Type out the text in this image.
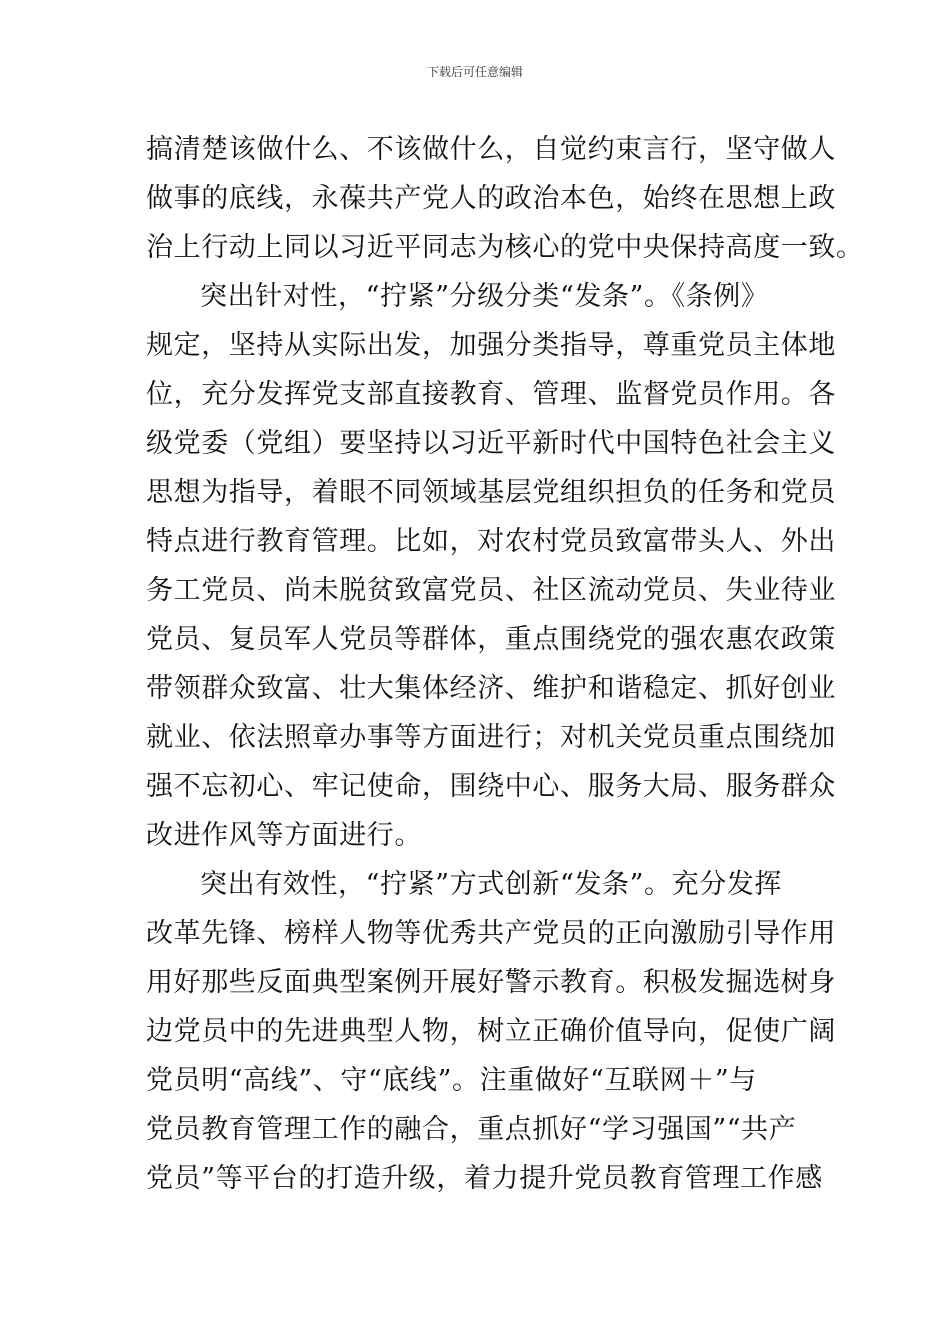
下载后可任意编辑
搞清楚该做什么、不该做什么，自觉约束言行，坚守做人
做事的底线，永葆共产党人的政治本色，始终在思想上政
治上行动上同以习近平同志为核心的党中央保持高度一致。
突出针对性，“拧紧”分级分类“发条”。《条例》
规定，坚持从实际出发，加强分类指导，尊重党员主体地
位，充分发挥党支部直接教育、管理、监督党员作用。各
级党委（党组）要坚持以习近平新时代中国特色社会主义
思想为指导，着眼不同领域基层党组织担负的任务和党员
特点进行教育管理。比如，对农村党员致富带头人、外出
务工党员、尚未脱贫致富党员、社区流动党员、失业待业
党员、复员军人党员等群体，重点围绕党的强农惠农政策
带领群众致富、壮大集体经济、维护和谐稳定、抓好创业
就业、依法照章办事等方面进行；对机关党员重点围绕加
强不忘初心、牢记使命，围绕中心、服务大局、服务群众
改进作风等方面进行。
突出有效性，“拧紧”方式创新“发条”。充分发挥
改革先锋、榜样人物等优秀共产党员的正向激励引导作用
用好那些反面典型案例开展好警示教育。积极发掘选树身
边党员中的先进典型人物，树立正确价值导向，促使广阔
党员明“高线”、守“底线”。注重做好“互联网＋”与
党员教育管理工作的融合，重点抓好“学习强国”“共产
党员”等平台的打造升级，着力提升党员教育管理工作感
